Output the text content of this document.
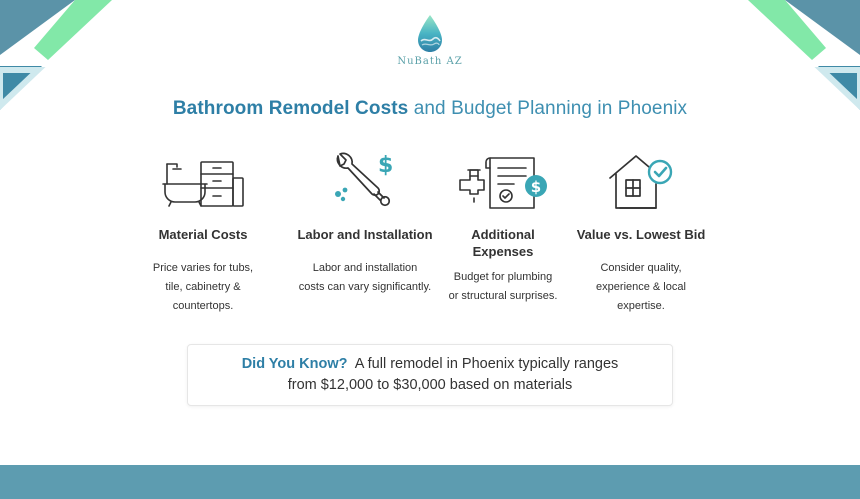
NuBath AZ
Bathroom Remodel Costs and Budget Planning in Phoenix
Material Costs
Price varies for tubs,
tile, cabinetry &
countertops.
$
Labor and Installation
Labor and installation
costs can vary significantly.
$
Additional
Expenses
Budget for plumbing
or structural surprises.
Value vs. Lowest Bid
Consider quality,
experience & local
expertise.
Did You Know?  A full remodel in Phoenix typically ranges
from $12,000 to $30,000 based on materials
